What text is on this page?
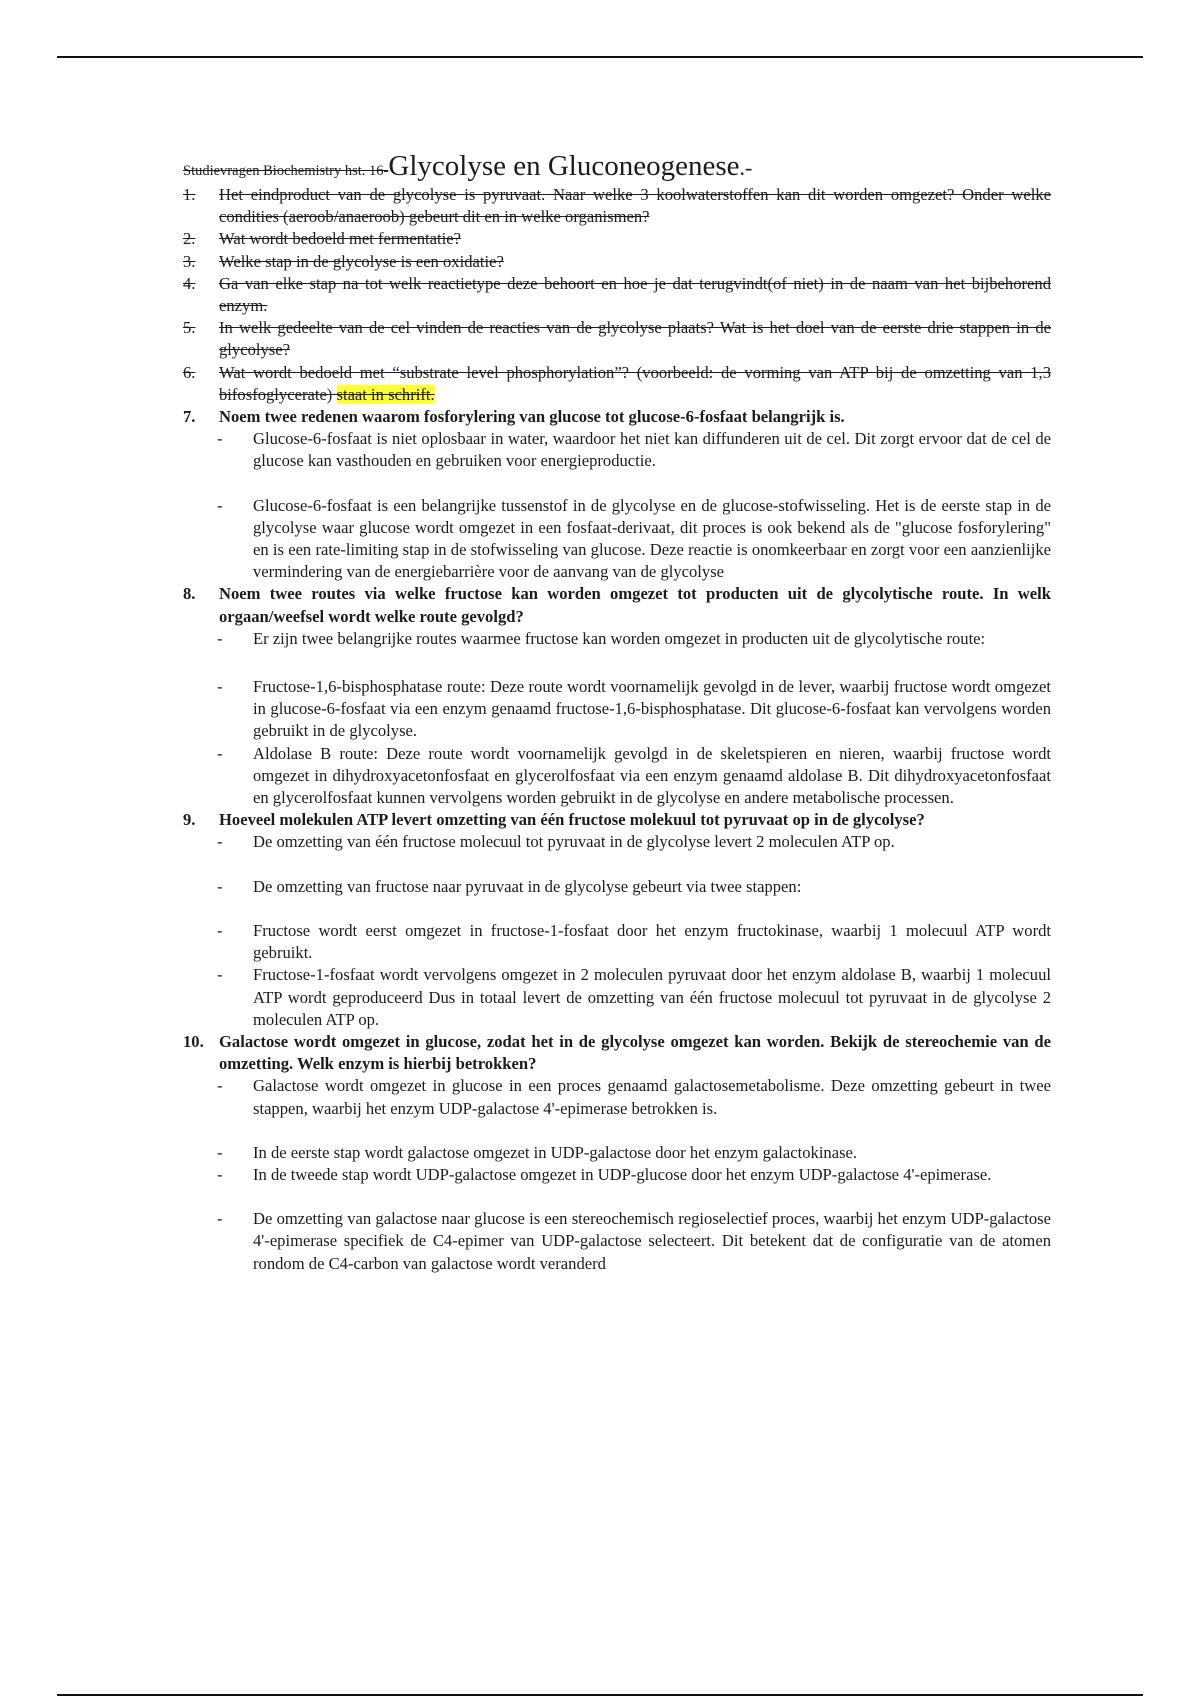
Studievragen Biochemistry hst. 16-Glycolyse en Gluconeogenese.-
1.	Het eindproduct van de glycolyse is pyruvaat. Naar welke 3 koolwaterstoffen kan dit worden omgezet? Onder welke condities (aeroob/anaeroob) gebeurt dit en in welke organismen?
2.	Wat wordt bedoeld met fermentatie?
3.	Welke stap in de glycolyse is een oxidatie?
4.	Ga van elke stap na tot welk reactietype deze behoort en hoe je dat terugvindt(of niet) in de naam van het bijbehorend enzym.
5.	In welk gedeelte van de cel vinden de reacties van de glycolyse plaats? Wat is het doel van de eerste drie stappen in de glycolyse?
6.	Wat wordt bedoeld met “substrate level phosphorylation”? (voorbeeld: de vorming van ATP bij de omzetting van 1,3 bifosfoglycerate) staat in schrift.
7.	Noem twee redenen waarom fosforylering van glucose tot glucose-6-fosfaat belangrijk is.
-	Glucose-6-fosfaat is niet oplosbaar in water, waardoor het niet kan diffunderen uit de cel. Dit zorgt ervoor dat de cel de glucose kan vasthouden en gebruiken voor energieproductie.
-	Glucose-6-fosfaat is een belangrijke tussenstof in de glycolyse en de glucose-stofwisseling. Het is de eerste stap in de glycolyse waar glucose wordt omgezet in een fosfaat-derivaat, dit proces is ook bekend als de "glucose fosforylering" en is een rate-limiting stap in de stofwisseling van glucose. Deze reactie is onomkeerbaar en zorgt voor een aanzienlijke vermindering van de energiebarrière voor de aanvang van de glycolyse
8.	Noem twee routes via welke fructose kan worden omgezet tot producten uit de glycolytische route. In welk orgaan/weefsel wordt welke route gevolgd?
-	Er zijn twee belangrijke routes waarmee fructose kan worden omgezet in producten uit de glycolytische route:
-	Fructose-1,6-bisphosphatase route: Deze route wordt voornamelijk gevolgd in de lever, waarbij fructose wordt omgezet in glucose-6-fosfaat via een enzym genaamd fructose-1,6-bisphosphatase. Dit glucose-6-fosfaat kan vervolgens worden gebruikt in de glycolyse.
-	Aldolase B route: Deze route wordt voornamelijk gevolgd in de skeletspieren en nieren, waarbij fructose wordt omgezet in dihydroxyacetonfosfaat en glycerolfosfaat via een enzym genaamd aldolase B. Dit dihydroxyacetonfosfaat en glycerolfosfaat kunnen vervolgens worden gebruikt in de glycolyse en andere metabolische processen.
9.	Hoeveel molekulen ATP levert omzetting van één fructose molekuul tot pyruvaat op in de glycolyse?
-	De omzetting van één fructose molecuul tot pyruvaat in de glycolyse levert 2 moleculen ATP op.
-	De omzetting van fructose naar pyruvaat in de glycolyse gebeurt via twee stappen:
-	Fructose wordt eerst omgezet in fructose-1-fosfaat door het enzym fructokinase, waarbij 1 molecuul ATP wordt gebruikt.
-	Fructose-1-fosfaat wordt vervolgens omgezet in 2 moleculen pyruvaat door het enzym aldolase B, waarbij 1 molecuul ATP wordt geproduceerd Dus in totaal levert de omzetting van één fructose molecuul tot pyruvaat in de glycolyse 2 moleculen ATP op.
10. Galactose wordt omgezet in glucose, zodat het in de glycolyse omgezet kan worden. Bekijk de stereochemie van de omzetting. Welk enzym is hierbij betrokken?
-	Galactose wordt omgezet in glucose in een proces genaamd galactosemetabolisme. Deze omzetting gebeurt in twee stappen, waarbij het enzym UDP-galactose 4'-epimerase betrokken is.
-	In de eerste stap wordt galactose omgezet in UDP-galactose door het enzym galactokinase.
-	In de tweede stap wordt UDP-galactose omgezet in UDP-glucose door het enzym UDP-galactose 4'-epimerase.
-	De omzetting van galactose naar glucose is een stereochemisch regioselectief proces, waarbij het enzym UDP-galactose 4'-epimerase specifiek de C4-epimer van UDP-galactose selecteert. Dit betekent dat de configuratie van de atomen rondom de C4-carbon van galactose wordt veranderd
